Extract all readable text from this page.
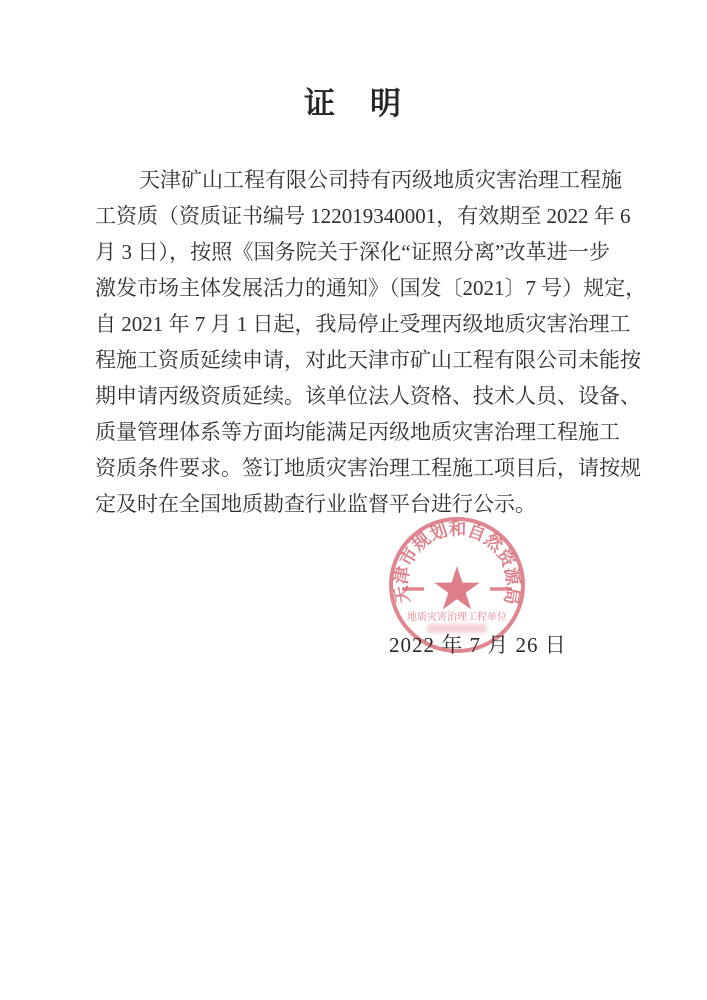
证　明
天津矿山工程有限公司持有丙级地质灾害治理工程施
工资质（资质证书编号 122019340001，有效期至 2022 年 6
月 3 日），按照《国务院关于深化“证照分离”改革进一步
激发市场主体发展活力的通知》（国发〔2021〕7 号）规定，
自 2021 年 7 月 1 日起，我局停止受理丙级地质灾害治理工
程施工资质延续申请，对此天津市矿山工程有限公司未能按
期申请丙级资质延续。该单位法人资格、技术人员、设备、
质量管理体系等方面均能满足丙级地质灾害治理工程施工
资质条件要求。签订地质灾害治理工程施工项目后，请按规
定及时在全国地质勘查行业监督平台进行公示。
天津市规划和自然资源局
地质灾害治理工程单位
2022 年 7 月 26 日
